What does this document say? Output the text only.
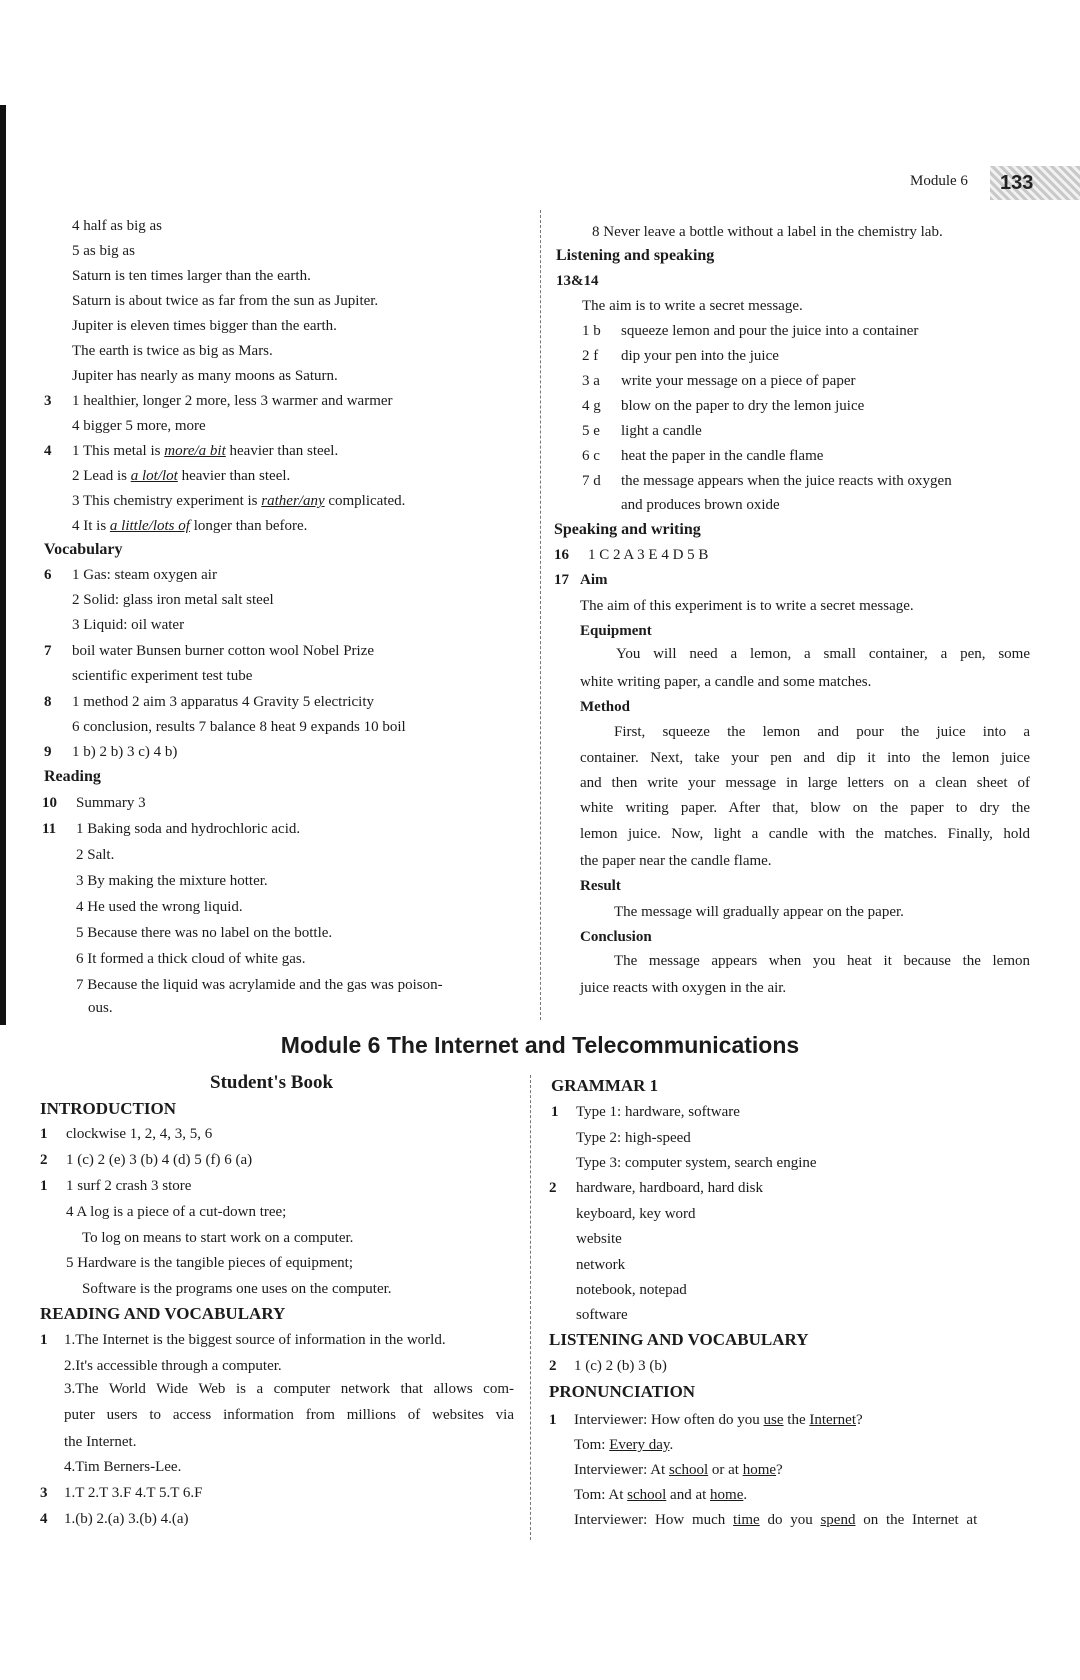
Module 6	133
4 half as big as
5 as big as
Saturn is ten times larger than the earth.
Saturn is about twice as far from the sun as Jupiter.
Jupiter is eleven times bigger than the earth.
The earth is twice as big as Mars.
Jupiter has nearly as many moons as Saturn.
3 1 healthier, longer 2 more, less 3 warmer and warmer
4 bigger 5 more, more
4 1 This metal is more/a bit heavier than steel.
2 Lead is a lot/lot heavier than steel.
3 This chemistry experiment is rather/any complicated.
4 It is a little/lots of longer than before.
Vocabulary
6 1 Gas: steam oxygen air
2 Solid: glass iron metal salt steel
3 Liquid: oil water
7 boil water Bunsen burner cotton wool Nobel Prize
scientific experiment test tube
8 1 method 2 aim 3 apparatus 4 Gravity 5 electricity
6 conclusion, results 7 balance 8 heat 9 expands 10 boil
9 1 b) 2 b) 3 c) 4 b)
Reading
10 Summary 3
11 1 Baking soda and hydrochloric acid.
2 Salt.
3 By making the mixture hotter.
4 He used the wrong liquid.
5 Because there was no label on the bottle.
6 It formed a thick cloud of white gas.
7 Because the liquid was acrylamide and the gas was poison-
ous.
8 Never leave a bottle without a label in the chemistry lab.
Listening and speaking
13&14
The aim is to write a secret message.
1 b squeeze lemon and pour the juice into a container
2 f dip your pen into the juice
3 a write your message on a piece of paper
4 g blow on the paper to dry the lemon juice
5 e light a candle
6 c heat the paper in the candle flame
7 d the message appears when the juice reacts with oxygen
and produces brown oxide
Speaking and writing
16 1 C 2 A 3 E 4 D 5 B
17 Aim
The aim of this experiment is to write a secret message.
Equipment
You will need a lemon, a small container, a pen, some
white writing paper, a candle and some matches.
Method
First, squeeze the lemon and pour the juice into a
container. Next, take your pen and dip it into the lemon juice
and then write your message in large letters on a clean sheet of
white writing paper. After that, blow on the paper to dry the
lemon juice. Now, light a candle with the matches. Finally, hold
the paper near the candle flame.
Result
The message will gradually appear on the paper.
Conclusion
The message appears when you heat it because the lemon
juice reacts with oxygen in the air.
Module 6 The Internet and Telecommunications
Student's Book
INTRODUCTION
1 clockwise 1, 2, 4, 3, 5, 6
2 1 (c) 2 (e) 3 (b) 4 (d) 5 (f) 6 (a)
1 1 surf 2 crash 3 store
4 A log is a piece of a cut-down tree;
To log on means to start work on a computer.
5 Hardware is the tangible pieces of equipment;
Software is the programs one uses on the computer.
READING AND VOCABULARY
1 1.The Internet is the biggest source of information in the world.
2.It's accessible through a computer.
3.The World Wide Web is a computer network that allows com-
puter users to access information from millions of websites via
the Internet.
4.Tim Berners-Lee.
3 1.T 2.T 3.F 4.T 5.T 6.F
4 1.(b) 2.(a) 3.(b) 4.(a)
GRAMMAR 1
1 Type 1: hardware, software
Type 2: high-speed
Type 3: computer system, search engine
2 hardware, hardboard, hard disk
keyboard, key word
website
network
notebook, notepad
software
LISTENING AND VOCABULARY
2 1 (c) 2 (b) 3 (b)
PRONUNCIATION
1 Interviewer: How often do you use the Internet?
Tom: Every day.
Interviewer: At school or at home?
Tom: At school and at home.
Interviewer: How much time do you spend on the Internet at
